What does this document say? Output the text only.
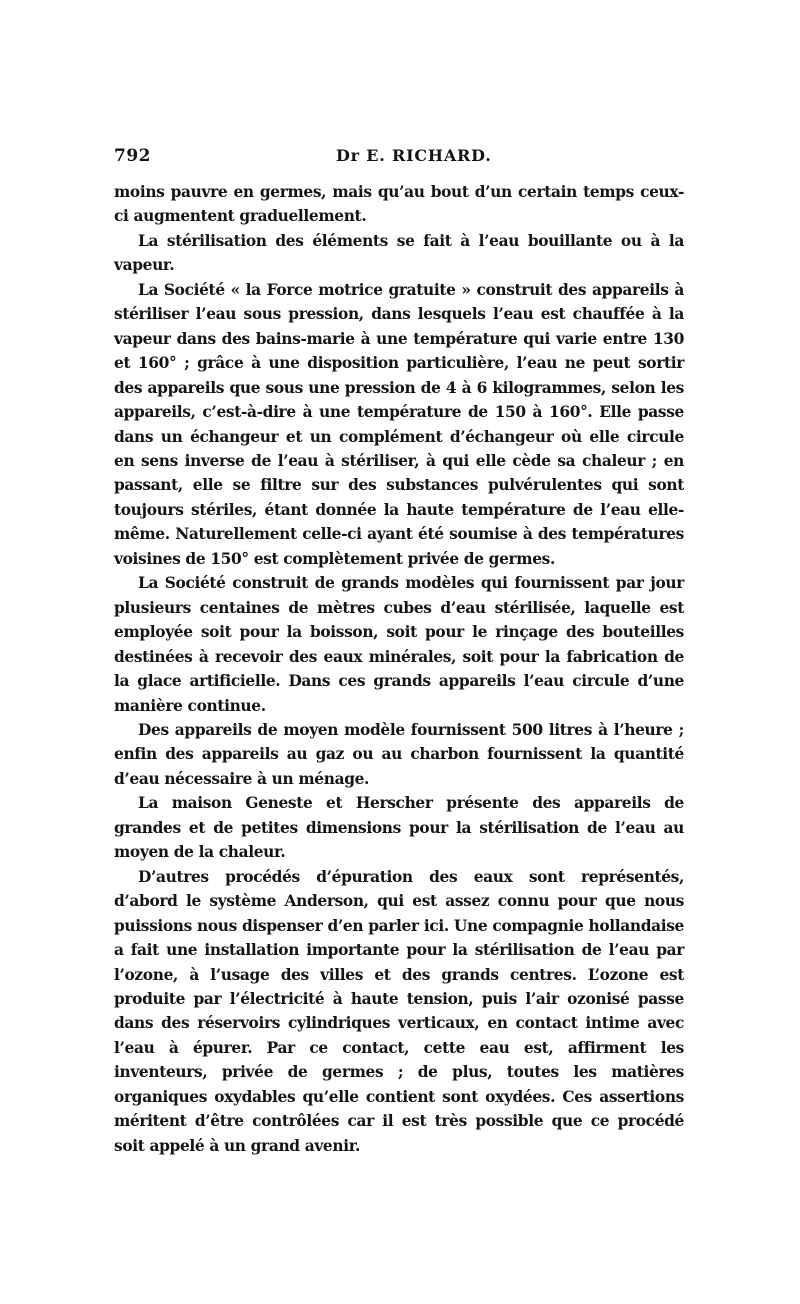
792	Dr E. RICHARD.

moins pauvre en germes, mais qu’au bout d’un certain temps ceux-ci augmentent graduellement.

La stérilisation des éléments se fait à l’eau bouillante ou à la vapeur.

La Société « la Force motrice gratuite » construit des appareils à stériliser l’eau sous pression, dans lesquels l’eau est chauffée à la vapeur dans des bains-marie à une température qui varie entre 130 et 160° ; grâce à une disposition particulière, l’eau ne peut sortir des appareils que sous une pression de 4 à 6 kilogrammes, selon les appareils, c’est-à-dire à une température de 150 à 160°. Elle passe dans un échangeur et un complément d’échangeur où elle circule en sens inverse de l’eau à stériliser, à qui elle cède sa chaleur ; en passant, elle se filtre sur des substances pulvérulentes qui sont toujours stériles, étant donnée la haute température de l’eau elle-même. Naturellement celle-ci ayant été soumise à des températures voisines de 150° est complètement privée de germes.

La Société construit de grands modèles qui fournissent par jour plusieurs centaines de mètres cubes d’eau stérilisée, laquelle est employée soit pour la boisson, soit pour le rinçage des bouteilles destinées à recevoir des eaux minérales, soit pour la fabrication de la glace artificielle. Dans ces grands appareils l’eau circule d’une manière continue.

Des appareils de moyen modèle fournissent 500 litres à l’heure ; enfin des appareils au gaz ou au charbon fournissent la quantité d’eau nécessaire à un ménage.

La maison Geneste et Herscher présente des appareils de grandes et de petites dimensions pour la stérilisation de l’eau au moyen de la chaleur.

D’autres procédés d’épuration des eaux sont représentés, d’abord le système Anderson, qui est assez connu pour que nous puissions nous dispenser d’en parler ici. Une compagnie hollandaise a fait une installation importante pour la stérilisation de l’eau par l’ozone, à l’usage des villes et des grands centres. L’ozone est produite par l’électricité à haute tension, puis l’air ozonisé passe dans des réservoirs cylindriques verticaux, en contact intime avec l’eau à épurer. Par ce contact, cette eau est, affirment les inventeurs, privée de germes ; de plus, toutes les matières organiques oxydables qu’elle contient sont oxydées. Ces assertions méritent d’être contrôlées car il est très possible que ce procédé soit appelé à un grand avenir.
